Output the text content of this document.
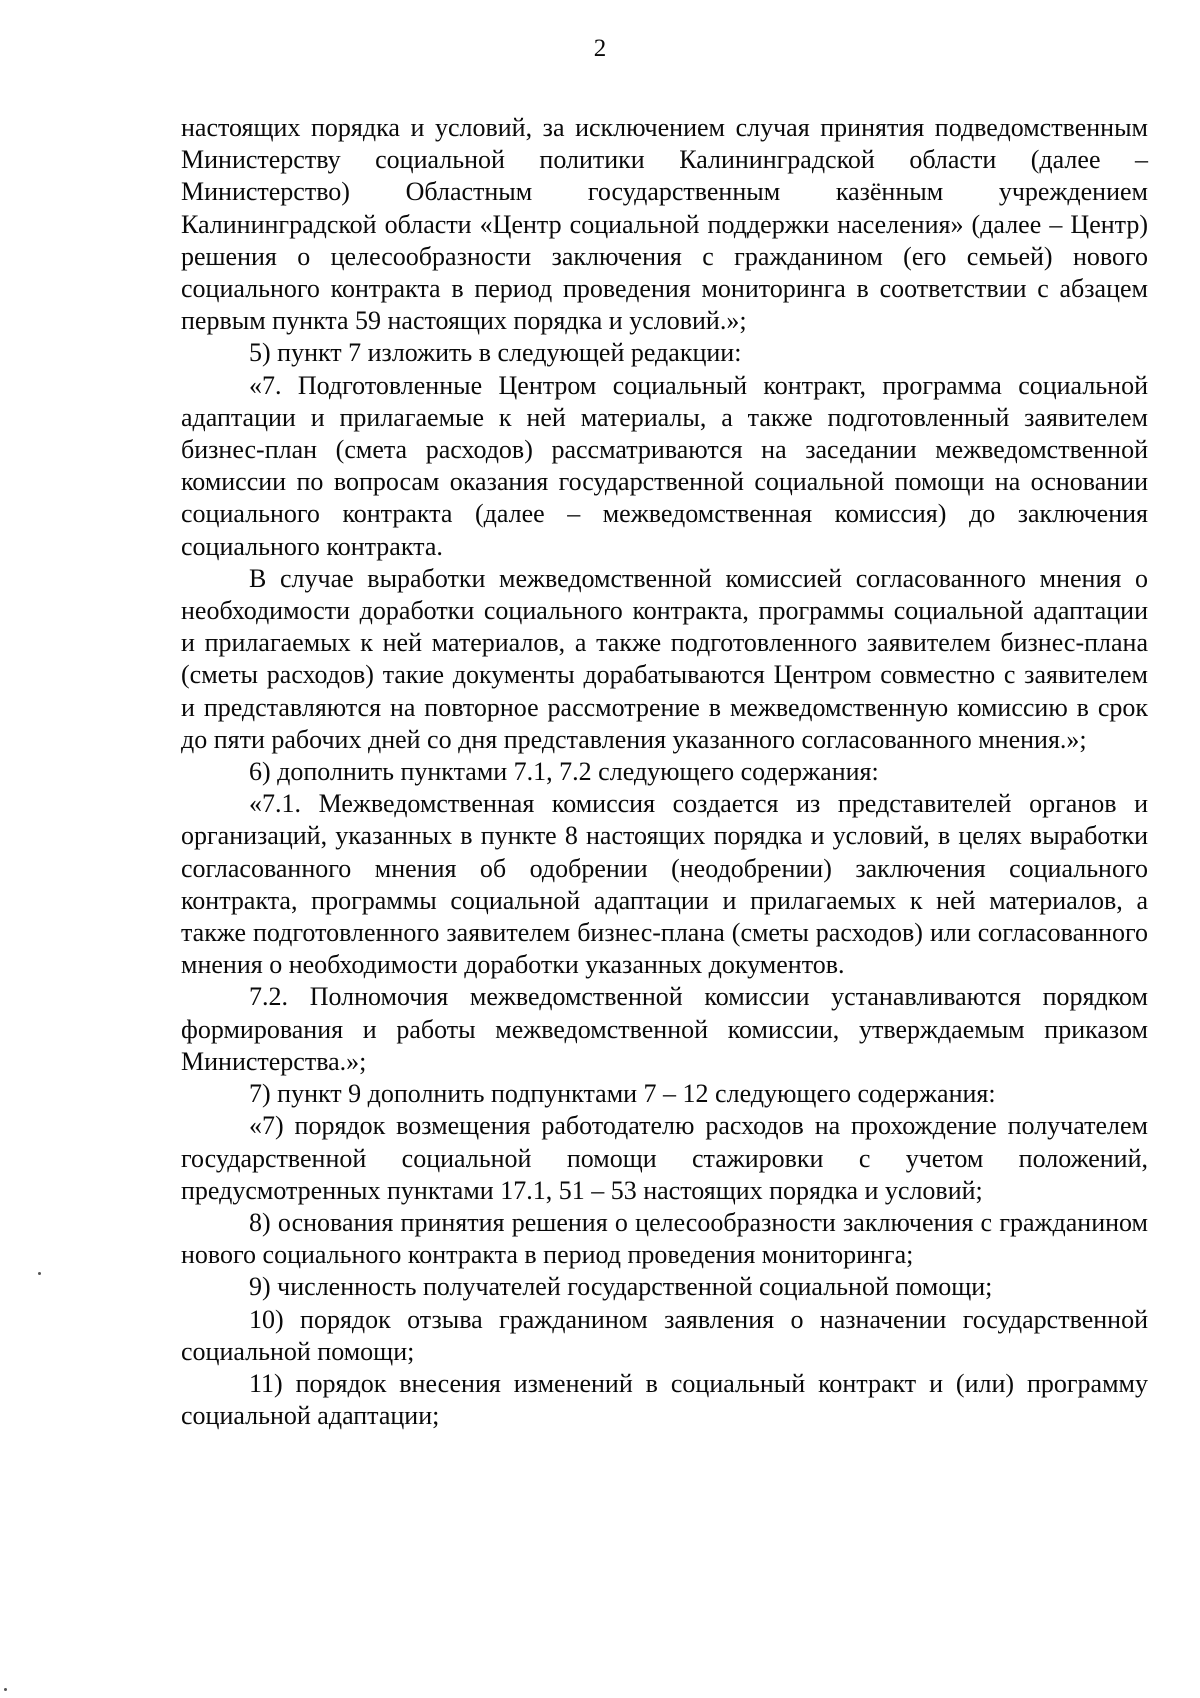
2

настоящих порядка и условий, за исключением случая принятия подведомственным Министерству социальной политики Калининградской области (далее – Министерство) Областным государственным казённым учреждением Калининградской области «Центр социальной поддержки населения» (далее – Центр) решения о целесообразности заключения с гражданином (его семьей) нового социального контракта в период проведения мониторинга в соответствии с абзацем первым пункта 59 настоящих порядка и условий.»;

5) пункт 7 изложить в следующей редакции:

«7. Подготовленные Центром социальный контракт, программа социальной адаптации и прилагаемые к ней материалы, а также подготовленный заявителем бизнес-план (смета расходов) рассматриваются на заседании межведомственной комиссии по вопросам оказания государственной социальной помощи на основании социального контракта (далее – межведомственная комиссия) до заключения социального контракта.

В случае выработки межведомственной комиссией согласованного мнения о необходимости доработки социального контракта, программы социальной адаптации и прилагаемых к ней материалов, а также подготовленного заявителем бизнес-плана (сметы расходов) такие документы дорабатываются Центром совместно с заявителем и представляются на повторное рассмотрение в межведомственную комиссию в срок до пяти рабочих дней со дня представления указанного согласованного мнения.»;

6) дополнить пунктами 7.1, 7.2 следующего содержания:

«7.1. Межведомственная комиссия создается из представителей органов и организаций, указанных в пункте 8 настоящих порядка и условий, в целях выработки согласованного мнения об одобрении (неодобрении) заключения социального контракта, программы социальной адаптации и прилагаемых к ней материалов, а также подготовленного заявителем бизнес-плана (сметы расходов) или согласованного мнения о необходимости доработки указанных документов.

7.2. Полномочия межведомственной комиссии устанавливаются порядком формирования и работы межведомственной комиссии, утверждаемым приказом Министерства.»;

7) пункт 9 дополнить подпунктами 7 – 12 следующего содержания:

«7) порядок возмещения работодателю расходов на прохождение получателем государственной социальной помощи стажировки с учетом положений, предусмотренных пунктами 17.1, 51 – 53 настоящих порядка и условий;

8) основания принятия решения о целесообразности заключения с гражданином нового социального контракта в период проведения мониторинга;

9) численность получателей государственной социальной помощи;

10) порядок отзыва гражданином заявления о назначении государственной социальной помощи;

11) порядок внесения изменений в социальный контракт и (или) программу социальной адаптации;
